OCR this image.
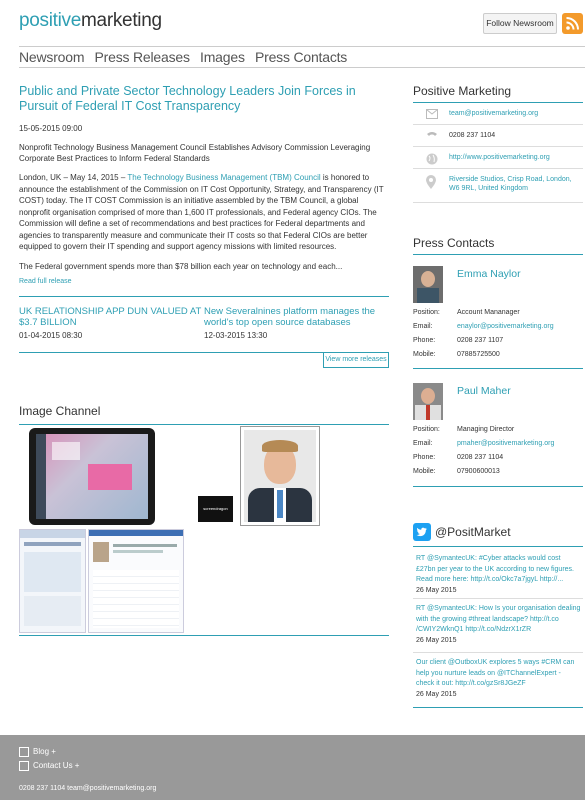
positivemarketing	Follow Newsroom
Newsroom Press Releases Images Press Contacts
Public and Private Sector Technology Leaders Join Forces in Pursuit of Federal IT Cost Transparency
15-05-2015 09:00
Nonprofit Technology Business Management Council Establishes Advisory Commission Leveraging Corporate Best Practices to Inform Federal Standards
London, UK – May 14, 2015 – The Technology Business Management (TBM) Council is honored to announce the establishment of the Commission on IT Cost Opportunity, Strategy, and Transparency (IT COST) today. The IT COST Commission is an initiative assembled by the TBM Council, a global nonprofit organisation comprised of more than 1,600 IT professionals, and Federal agency CIOs. The Commission will define a set of recommendations and best practices for Federal departments and agencies to transparently measure and communicate their IT costs so that Federal CIOs are better equipped to govern their IT spending and support agency missions with limited resources.
The Federal government spends more than $78 billion each year on technology and each...
Read full release
UK RELATIONSHIP APP DUN VALUED AT $3.7 BILLION
01-04-2015 08:30
New Severalnines platform manages the world's top open source databases
12-03-2015 13:30
View more releases
Image Channel
screendragon
Positive Marketing
team@positivemarketing.org
0208 237 1104
http://www.positivemarketing.org
Riverside Studios, Crisp Road, London, W6 9RL, United Kingdom
Press Contacts
Emma Naylor
Position: Account Mananager
Email:	enaylor@positivemarketing.org
Phone:	0208 237 1107
Mobile:	07885725500
Paul Maher
Position: Managing Director
Email:	pmaher@positivemarketing.org
Phone:	0208 237 1104
Mobile:	07900600013
@PositMarket
RT @SymantecUK: #Cyber attacks would cost £27bn per year to the UK according to new figures. Read more here: http://t.co/Okc7a7jgyL http://...
26 May 2015
RT @SymantecUK: How Is your organisation dealing with the growing #threat landscape? http://t.co /CWIY2WknQ1 http://t.co/NdzrX1rZR
26 May 2015
Our client @OutboxUK explores 5 ways #CRM can help you nurture leads on @ITChannelExpert - check it out: http://t.co/gzSr8JGeZF
26 May 2015
Blog +
Contact Us +
0208 237 1104 team@positivemarketing.org
